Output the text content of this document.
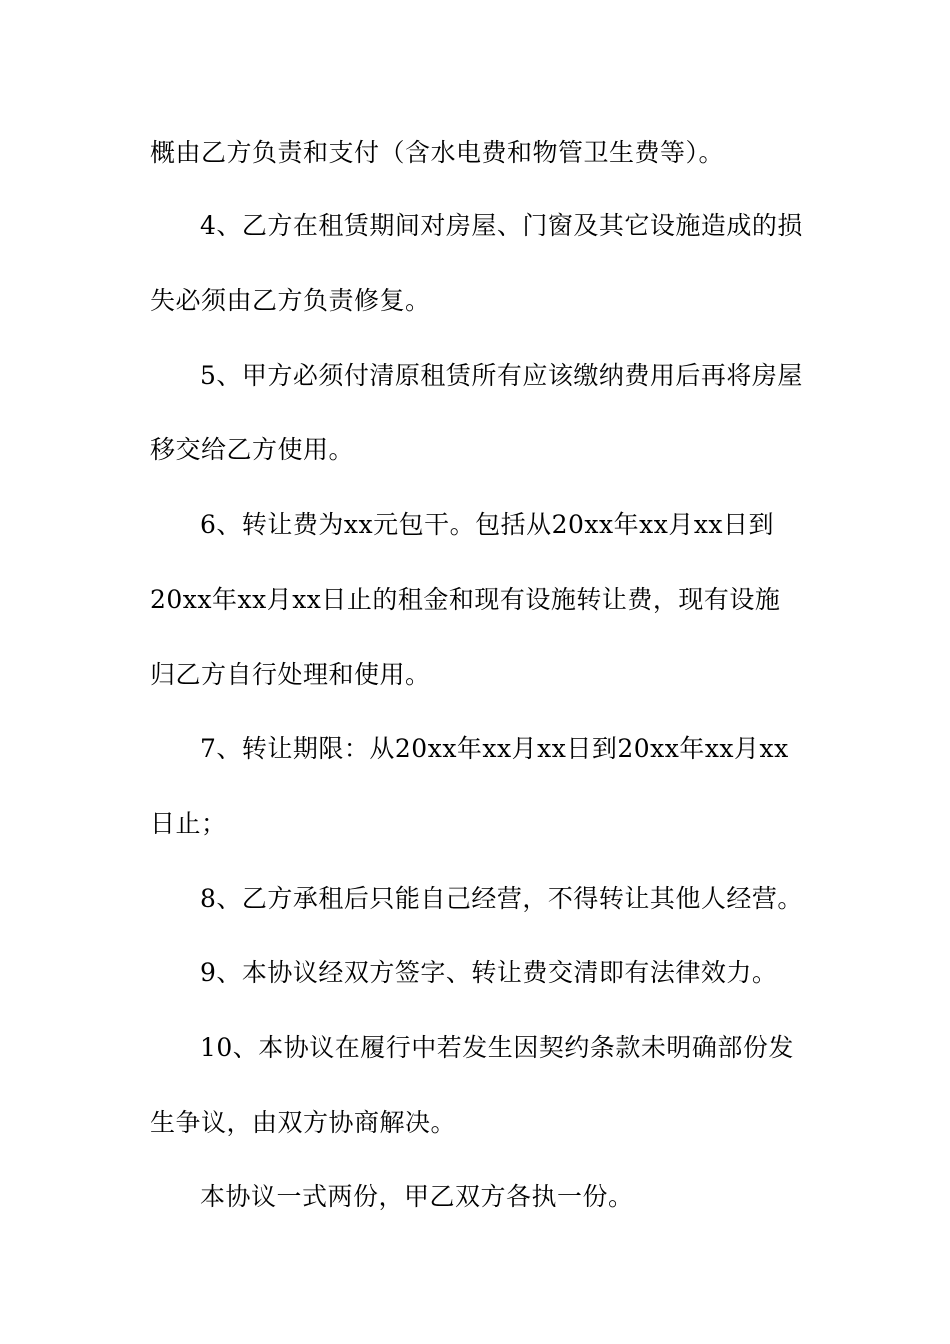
概由乙方负责和支付（含水电费和物管卫生费等）。
4、乙方在租赁期间对房屋、门窗及其它设施造成的损
失必须由乙方负责修复。
5、甲方必须付清原租赁所有应该缴纳费用后再将房屋
移交给乙方使用。
6、转让费为xx元包干。包括从20xx年xx月xx日到
20xx年xx月xx日止的租金和现有设施转让费，现有设施
归乙方自行处理和使用。
7、转让期限：从20xx年xx月xx日到20xx年xx月xx
日止；
8、乙方承租后只能自己经营，不得转让其他人经营。
9、本协议经双方签字、转让费交清即有法律效力。
10、本协议在履行中若发生因契约条款未明确部份发
生争议，由双方协商解决。
本协议一式两份，甲乙双方各执一份。
